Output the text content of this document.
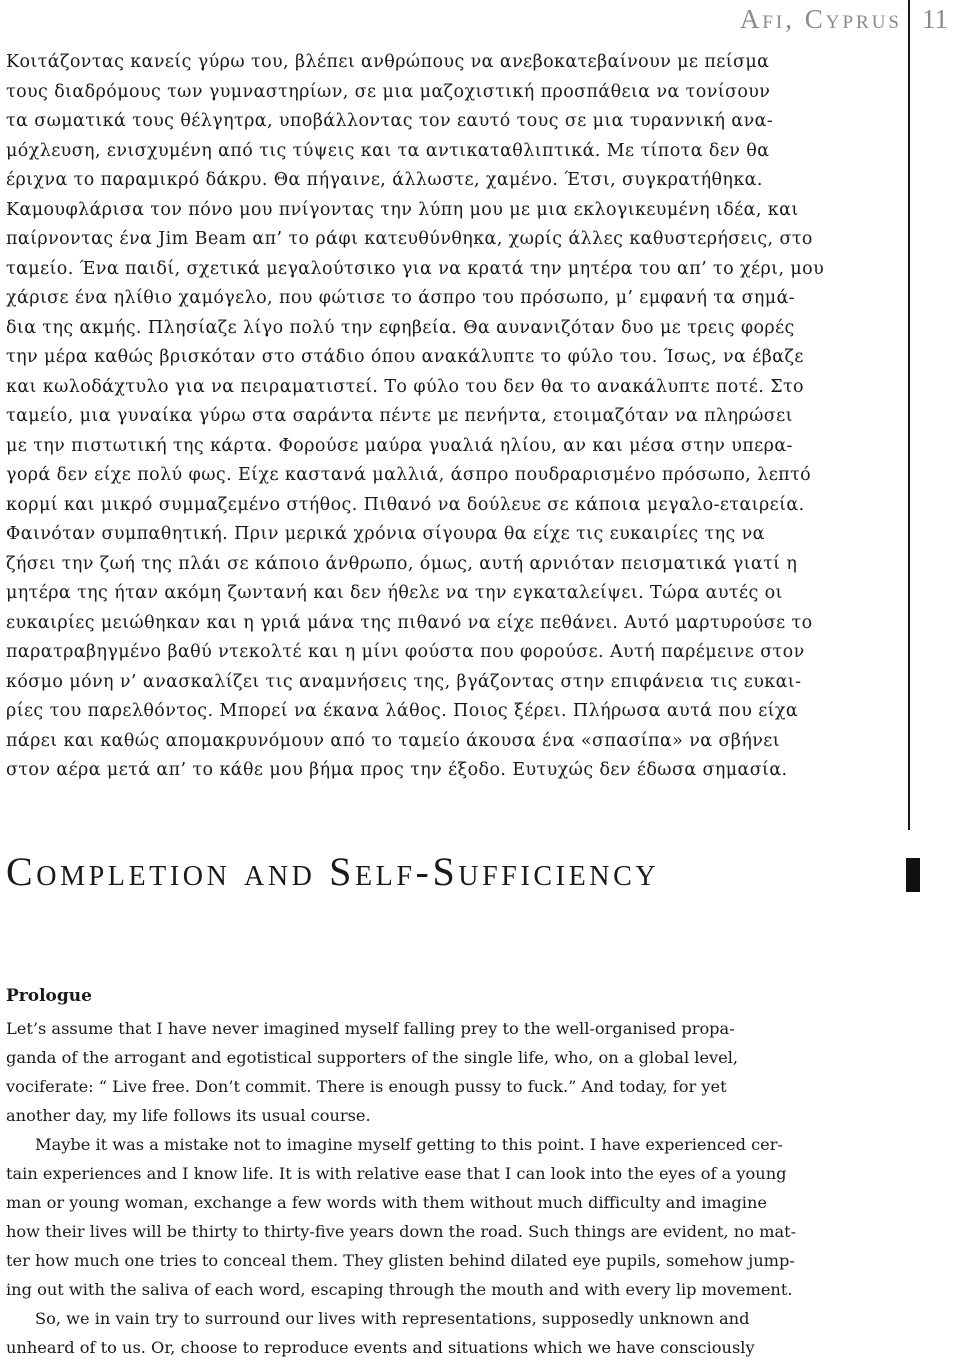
Afi, Cyprus 11
Κοιτάζοντας κανείς γύρω του, βλέπει ανθρώπους να ανεβοκατεβαίνουν με πείσμα
τους διαδρόμους των γυμναστηρίων, σε μια μαζοχιστική προσπάθεια να τονίσουν
τα σωματικά τους θέλγητρα, υποβάλλοντας τον εαυτό τους σε μια τυραννική ανα-
μόχλευση, ενισχυμένη από τις τύψεις και τα αντικαταθλιπτικά. Με τίποτα δεν θα
έριχνα το παραμικρό δάκρυ. Θα πήγαινε, άλλωστε, χαμένο. Έτσι, συγκρατήθηκα.
Καμουφλάρισα τον πόνο μου πνίγοντας την λύπη μου με μια εκλογικευμένη ιδέα, και
παίρνοντας ένα Jim Beam απ’ το ράφι κατευθύνθηκα, χωρίς άλλες καθυστερήσεις, στο
ταμείο. Ένα παιδί, σχετικά μεγαλούτσικο για να κρατά την μητέρα του απ’ το χέρι, μου
χάρισε ένα ηλίθιο χαμόγελο, που φώτισε το άσπρο του πρόσωπο, μ’ εμφανή τα σημά-
δια της ακμής. Πλησίαζε λίγο πολύ την εφηβεία. Θα αυνανιζόταν δυο με τρεις φορές
την μέρα καθώς βρισκόταν στο στάδιο όπου ανακάλυπτε το φύλο του. Ίσως, να έβαζε
και κωλοδάχτυλο για να πειραματιστεί. Το φύλο του δεν θα το ανακάλυπτε ποτέ. Στο
ταμείο, μια γυναίκα γύρω στα σαράντα πέντε με πενήντα, ετοιμαζόταν να πληρώσει
με την πιστωτική της κάρτα. Φορούσε μαύρα γυαλιά ηλίου, αν και μέσα στην υπερα-
γορά δεν είχε πολύ φως. Είχε καστανά μαλλιά, άσπρο πουδραρισμένο πρόσωπο, λεπτό
κορμί και μικρό συμμαζεμένο στήθος. Πιθανό να δούλευε σε κάποια μεγαλο-εταιρεία.
Φαινόταν συμπαθητική. Πριν μερικά χρόνια σίγουρα θα είχε τις ευκαιρίες της να
ζήσει την ζωή της πλάι σε κάποιο άνθρωπο, όμως, αυτή αρνιόταν πεισματικά γιατί η
μητέρα της ήταν ακόμη ζωντανή και δεν ήθελε να την εγκαταλείψει. Τώρα αυτές οι
ευκαιρίες μειώθηκαν και η γριά μάνα της πιθανό να είχε πεθάνει. Αυτό μαρτυρούσε το
παρατραβηγμένο βαθύ ντεκολτέ και η μίνι φούστα που φορούσε. Αυτή παρέμεινε στον
κόσμο μόνη ν’ ανασκαλίζει τις αναμνήσεις της, βγάζοντας στην επιφάνεια τις ευκαι-
ρίες του παρελθόντος. Μπορεί να έκανα λάθος. Ποιος ξέρει. Πλήρωσα αυτά που είχα
πάρει και καθώς απομακρυνόμουν από το ταμείο άκουσα ένα «σπασίπα» να σβήνει
στον αέρα μετά απ’ το κάθε μου βήμα προς την έξοδο. Ευτυχώς δεν έδωσα σημασία.
Completion and Self-Sufficiency
Prologue

Let’s assume that I have never imagined myself falling prey to the well-organised propa-
ganda of the arrogant and egotistical supporters of the single life, who, on a global level,
vociferate: “ Live free. Don’t commit. There is enough pussy to fuck.” And today, for yet
another day, my life follows its usual course.

Maybe it was a mistake not to imagine myself getting to this point. I have experienced cer-
tain experiences and I know life. It is with relative ease that I can look into the eyes of a young
man or young woman, exchange a few words with them without much difficulty and imagine
how their lives will be thirty to thirty-five years down the road. Such things are evident, no mat-
ter how much one tries to conceal them. They glisten behind dilated eye pupils, somehow jump-
ing out with the saliva of each word, escaping through the mouth and with every lip movement.

So, we in vain try to surround our lives with representations, supposedly unknown and
unheard of to us. Or, choose to reproduce events and situations which we have consciously
